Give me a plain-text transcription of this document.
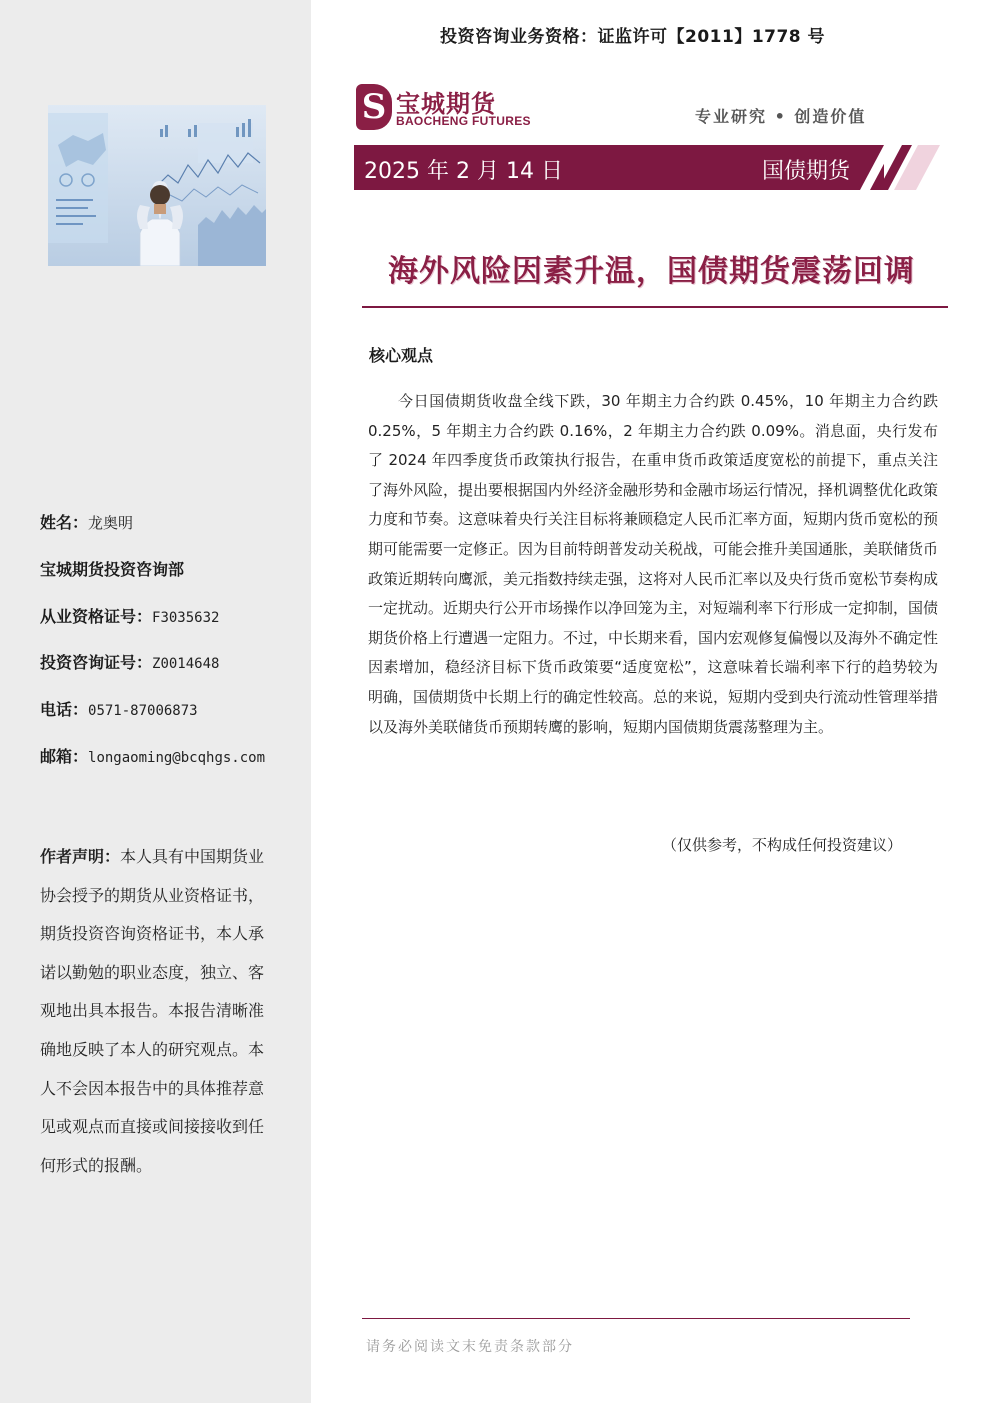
姓名：龙奥明
宝城期货投资咨询部
从业资格证号：F3035632
投资咨询证号：Z0014648
电话：0571-87006873
邮箱：longaoming@bcqhgs.com
作者声明：本人具有中国期货业协会授予的期货从业资格证书，期货投资咨询资格证书，本人承诺以勤勉的职业态度，独立、客观地出具本报告。本报告清晰准确地反映了本人的研究观点。本人不会因本报告中的具体推荐意见或观点而直接或间接接收到任何形式的报酬。
投资咨询业务资格：证监许可【2011】1778 号
S 宝城期货
BAOCHENG FUTURES	专业研究 • 创造价值
2025 年 2 月 14 日	国债期货
海外风险因素升温，国债期货震荡回调
核心观点

今日国债期货收盘全线下跌，30 年期主力合约跌 0.45%，10 年期主力合约跌 0.25%，5 年期主力合约跌 0.16%，2 年期主力合约跌 0.09%。消息面，央行发布了 2024 年四季度货币政策执行报告，在重申货币政策适度宽松的前提下，重点关注了海外风险，提出要根据国内外经济金融形势和金融市场运行情况，择机调整优化政策力度和节奏。这意味着央行关注目标将兼顾稳定人民币汇率方面，短期内货币宽松的预期可能需要一定修正。因为目前特朗普发动关税战，可能会推升美国通胀，美联储货币政策近期转向鹰派，美元指数持续走强，这将对人民币汇率以及央行货币宽松节奏构成一定扰动。近期央行公开市场操作以净回笼为主，对短端利率下行形成一定抑制，国债期货价格上行遭遇一定阻力。不过，中长期来看，国内宏观修复偏慢以及海外不确定性因素增加，稳经济目标下货币政策要“适度宽松”，这意味着长端利率下行的趋势较为明确，国债期货中长期上行的确定性较高。总的来说，短期内受到央行流动性管理举措以及海外美联储货币预期转鹰的影响，短期内国债期货震荡整理为主。

（仅供参考，不构成任何投资建议）
请务必阅读文末免责条款部分
